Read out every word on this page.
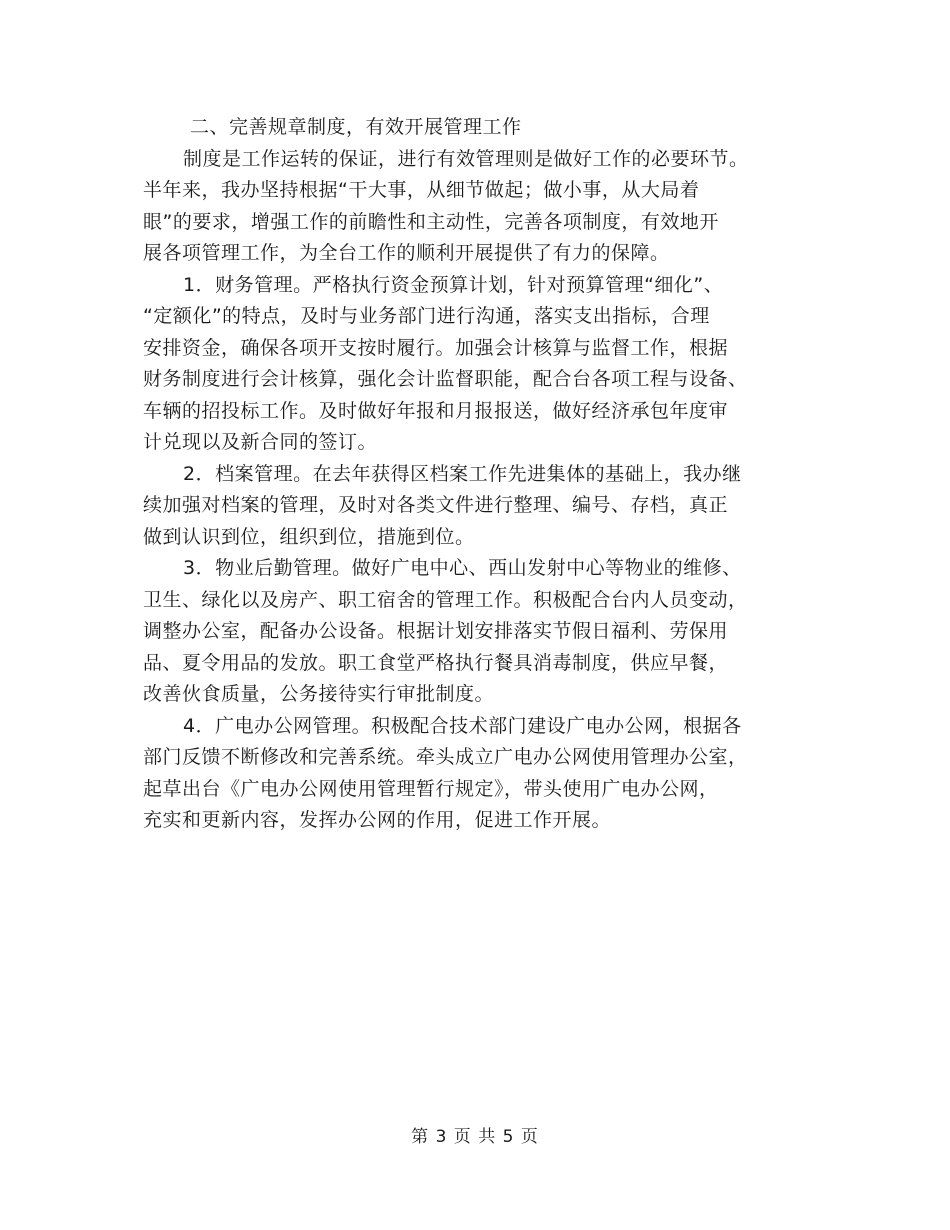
二、完善规章制度，有效开展管理工作
制度是工作运转的保证，进行有效管理则是做好工作的必要环节。
半年来，我办坚持根据“干大事，从细节做起；做小事，从大局着
眼”的要求，增强工作的前瞻性和主动性，完善各项制度，有效地开
展各项管理工作，为全台工作的顺利开展提供了有力的保障。
1．财务管理。严格执行资金预算计划，针对预算管理“细化”、
“定额化”的特点，及时与业务部门进行沟通，落实支出指标，合理
安排资金，确保各项开支按时履行。加强会计核算与监督工作，根据
财务制度进行会计核算，强化会计监督职能，配合台各项工程与设备、
车辆的招投标工作。及时做好年报和月报报送，做好经济承包年度审
计兑现以及新合同的签订。
2．档案管理。在去年获得区档案工作先进集体的基础上，我办继
续加强对档案的管理，及时对各类文件进行整理、编号、存档，真正
做到认识到位，组织到位，措施到位。
3．物业后勤管理。做好广电中心、西山发射中心等物业的维修、
卫生、绿化以及房产、职工宿舍的管理工作。积极配合台内人员变动，
调整办公室，配备办公设备。根据计划安排落实节假日福利、劳保用
品、夏令用品的发放。职工食堂严格执行餐具消毒制度，供应早餐，
改善伙食质量，公务接待实行审批制度。
4．广电办公网管理。积极配合技术部门建设广电办公网，根据各
部门反馈不断修改和完善系统。牵头成立广电办公网使用管理办公室，
起草出台《广电办公网使用管理暂行规定》，带头使用广电办公网，
充实和更新内容，发挥办公网的作用，促进工作开展。
第 3 页 共 5 页
